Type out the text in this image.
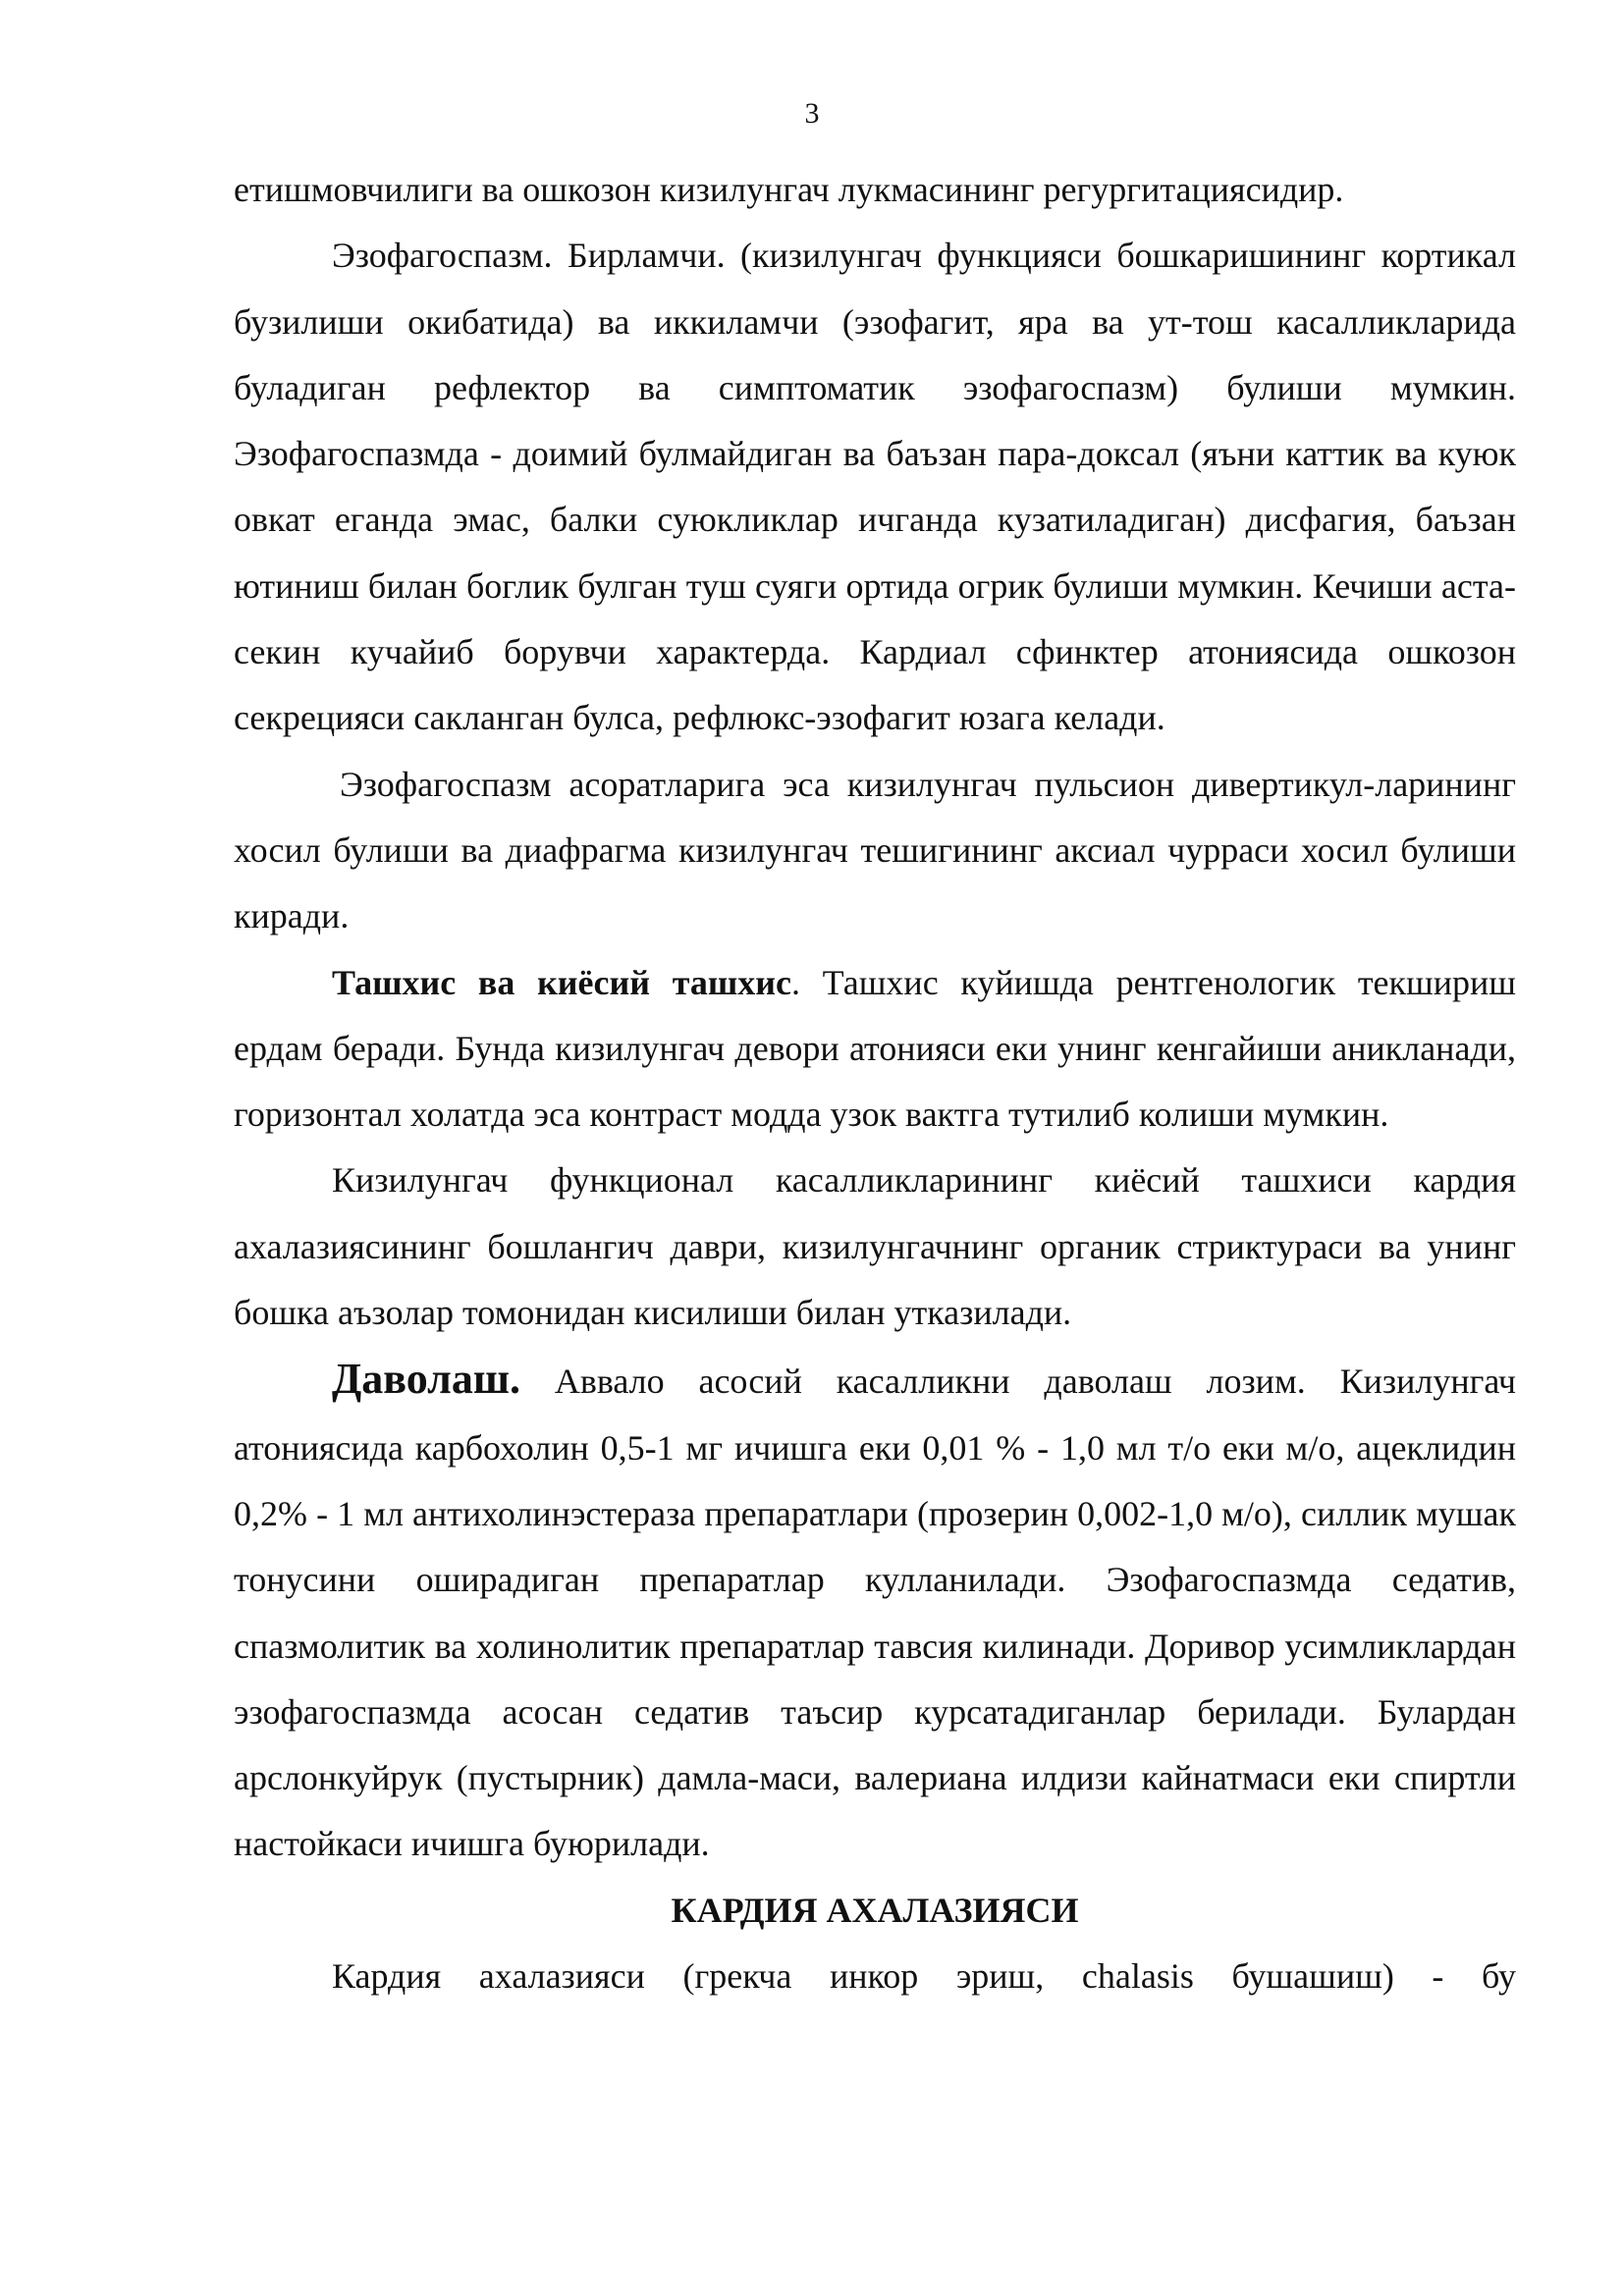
3

етишмовчилиги ва ошкозон кизилунгач лукмасининг регургитациясидир.

Эзофагоспазм. Бирламчи. (кизилунгач функцияси бошкаришининг кортикал бузилиши окибатида) ва иккиламчи (эзофагит, яра ва ут-тош касалликларида буладиган рефлектор ва симптоматик эзофагоспазм) булиши мумкин. Эзофагоспазмда - доимий булмайдиган ва баъзан пара-доксал (яъни каттик ва куюк овкат еганда эмас, балки суюкликлар ичганда кузатиладиган) дисфагия, баъзан ютиниш билан боглик булган туш суяги ортида огрик булиши мумкин. Кечиши аста-секин кучайиб борувчи характерда. Кардиал сфинктер атониясида ошкозон секрецияси сакланган булса, рефлюкс-эзофагит юзага келади.

Эзофагоспазм асоратларига эса кизилунгач пульсион дивертикул-ларининг хосил булиши ва диафрагма кизилунгач тешигининг аксиал чурраси хосил булиши киради.

Ташхис ва киёсий ташхис. Ташхис куйишда рентгенологик текшириш ердам беради. Бунда кизилунгач девори атонияси еки унинг кенгайиши аникланади, горизонтал холатда эса контраст модда узок вактга тутилиб колиши мумкин.

Кизилунгач функционал касалликларининг киёсий ташхиси кардия ахалазиясининг бошлангич даври, кизилунгачнинг органик стриктураси ва унинг бошка аъзолар томонидан кисилиши билан утказилади.

Даволаш. Аввало асосий касалликни даволаш лозим. Кизилунгач атониясида карбохолин 0,5-1 мг ичишга еки 0,01 % - 1,0 мл т/о еки м/о, ацеклидин 0,2% - 1 мл антихолинэстераза препаратлари (прозерин 0,002-1,0 м/о), силлик мушак тонусини оширадиган препаратлар кулланилади. Эзофагоспазмда седатив, спазмолитик ва холинолитик препаратлар тавсия килинади. Доривор усимликлардан эзофагоспазмда асосан седатив таъсир курсатадиганлар берилади. Булардан арслонкуйрук (пустырник) дамла-маси, валериана илдизи кайнатмаси еки спиртли настойкаси ичишга буюрилади.

КАРДИЯ АХАЛАЗИЯСИ

Кардия ахалазияси (грекча инкор эриш, chalasis бушашиш) - бу
